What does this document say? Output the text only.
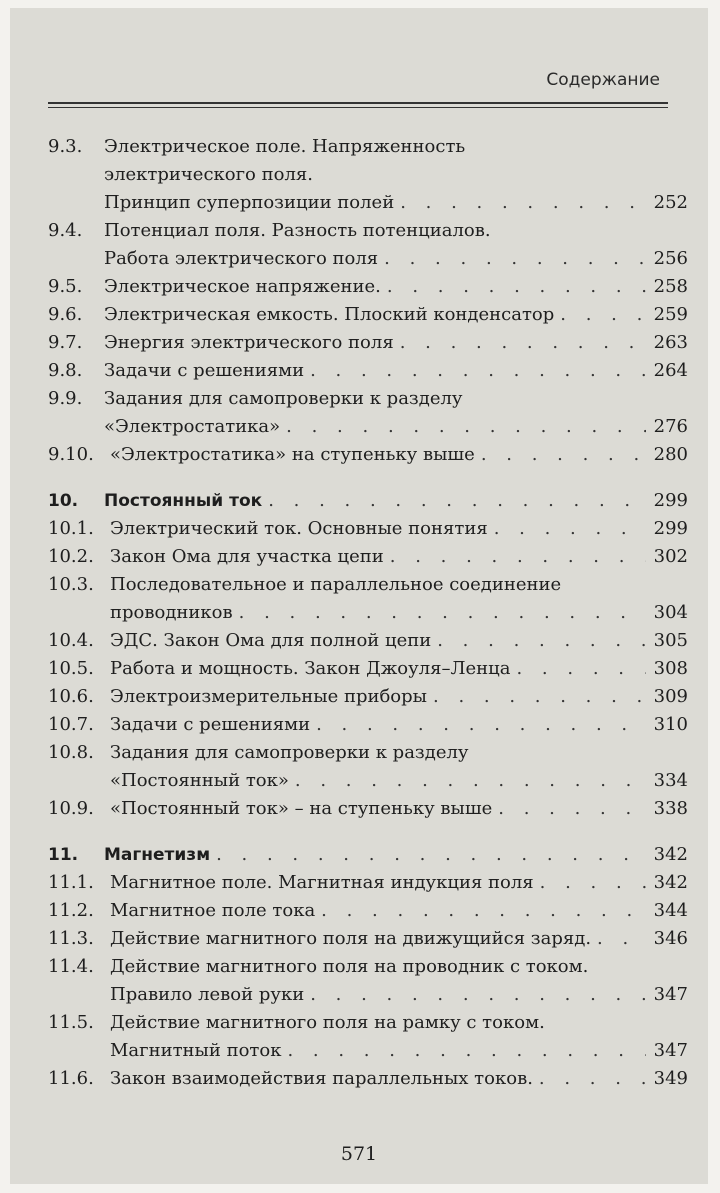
Содержание
9.3. Электрическое поле. Напряженность
электрического поля.
Принцип суперпозиции полей . . .	252
9.4. Потенциал поля. Разность потенциалов.
Работа электрического поля . . .	256
9.5. Электрическое напряжение. . . .	258
9.6. Электрическая емкость. Плоский конденсатор . . .	259
9.7. Энергия электрического поля . . .	263
9.8. Задачи с решениями . . .	264
9.9. Задания для самопроверки к разделу
«Электростатика» . . .	276
9.10. «Электростатика» на ступеньку выше . . .	280
10. Постоянный ток . . .	299
10.1. Электрический ток. Основные понятия . . .	299
10.2. Закон Ома для участка цепи . . .	302
10.3. Последовательное и параллельное соединение
проводников . . .	304
10.4. ЭДС. Закон Ома для полной цепи . . .	305
10.5. Работа и мощность. Закон Джоуля–Ленца . . .	308
10.6. Электроизмерительные приборы . . .	309
10.7. Задачи с решениями . . .	310
10.8. Задания для самопроверки к разделу
«Постоянный ток» . . .	334
10.9. «Постоянный ток» – на ступеньку выше . . .	338
11. Магнетизм . . .	342
11.1. Магнитное поле. Магнитная индукция поля . . .	342
11.2. Магнитное поле тока . . .	344
11.3. Действие магнитного поля на движущийся заряд. . . .	346
11.4. Действие магнитного поля на проводник с током.
Правило левой руки . . .	347
11.5. Действие магнитного поля на рамку с током.
Магнитный поток . . .	347
11.6. Закон взаимодействия параллельных токов. . . .	349
571
